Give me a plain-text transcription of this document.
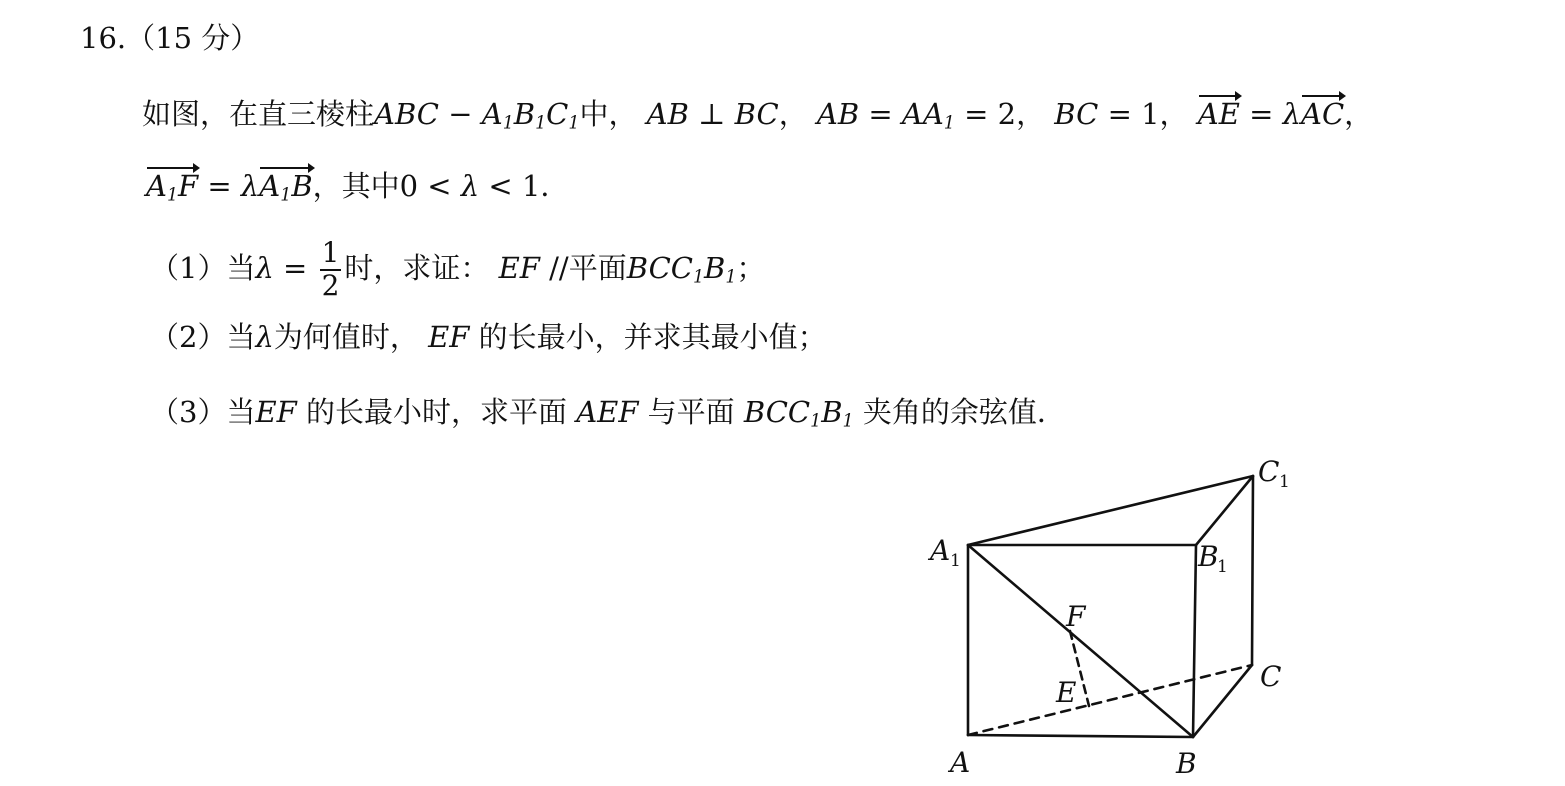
16.（15 分）
如图，在直三棱柱ABC − $A_1B_1C_1$中， AB ⊥ BC， AB = $AA_1 = 2$， BC = 1， AE = λAC，
$A_1F = \lambda A_1B$，其中0 < λ < 1．
（1）当$\lambda = \frac{1}{2}$ 时，求证： EF //平面$BCC_1B_1$；
（2）当λ为何值时， EF 的长最小，并求其最小值；
（3）当EF 的长最小时，求平面 AEF 与平面 $BCC_1B_1$ 夹角的余弦值．
A	B
C
A 1	B
1
C 1
F
E
